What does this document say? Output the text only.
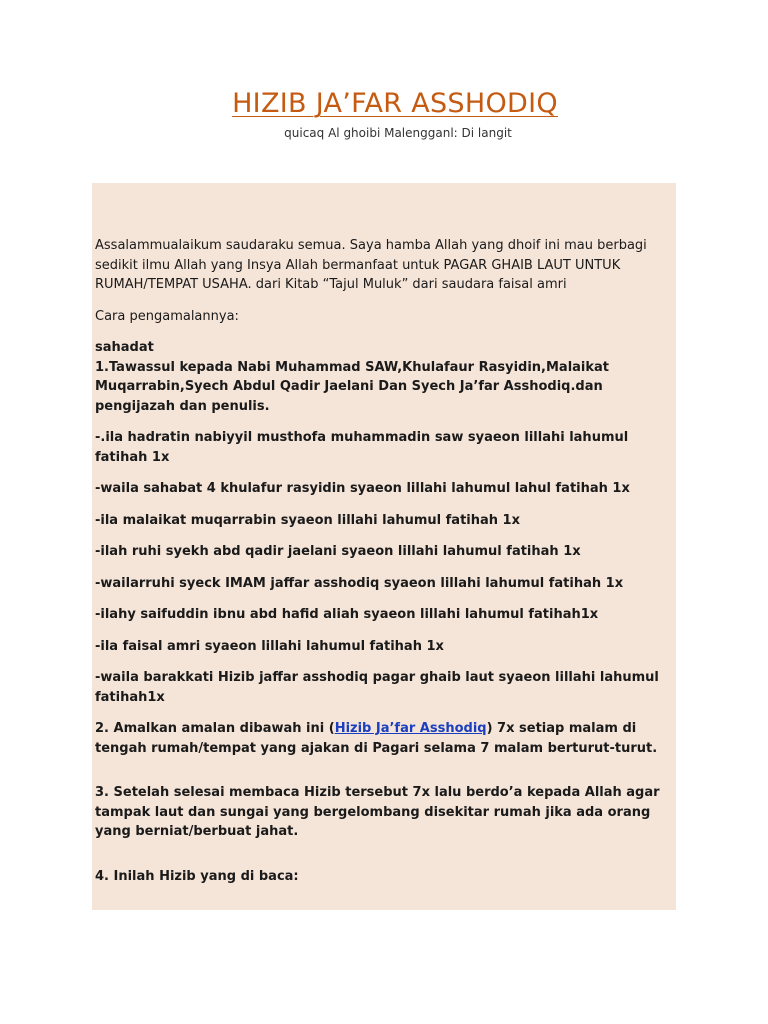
HIZIB JA’FAR ASSHODIQ
quicaq Al ghoibi Malengganl: Di langit

Assalammualaikum saudaraku semua. Saya hamba Allah yang dhoif ini mau berbagi sedikit ilmu Allah yang Insya Allah bermanfaat untuk PAGAR GHAIB LAUT UNTUK RUMAH/TEMPAT USAHA. dari Kitab “Tajul Muluk” dari saudara faisal amri

Cara pengamalannya:

sahadat
1.Tawassul kepada Nabi Muhammad SAW,Khulafaur Rasyidin,Malaikat Muqarrabin,Syech Abdul Qadir Jaelani Dan Syech Ja’far Asshodiq.dan pengijazah dan penulis.

-.ila hadratin nabiyyil musthofa muhammadin saw syaeon lillahi lahumul fatihah 1x

-waila sahabat 4 khulafur rasyidin syaeon lillahi lahumul lahul fatihah 1x

-ila malaikat muqarrabin syaeon lillahi lahumul fatihah 1x

-ilah ruhi syekh abd qadir jaelani syaeon lillahi lahumul fatihah 1x

-wailarruhi syeck IMAM jaffar asshodiq syaeon lillahi lahumul fatihah 1x

-ilahy saifuddin ibnu abd hafid aliah syaeon lillahi lahumul fatihah1x

-ila faisal amri syaeon lillahi lahumul fatihah 1x

-waila barakkati Hizib jaffar asshodiq pagar ghaib laut syaeon lillahi lahumul fatihah1x

2. Amalkan amalan dibawah ini (Hizib Ja’far Asshodiq) 7x setiap malam di tengah rumah/tempat yang ajakan di Pagari selama 7 malam berturut-turut.

3. Setelah selesai membaca Hizib tersebut 7x lalu berdo’a kepada Allah agar tampak laut dan sungai yang bergelombang disekitar rumah jika ada orang yang berniat/berbuat jahat.

4. Inilah Hizib yang di baca:
